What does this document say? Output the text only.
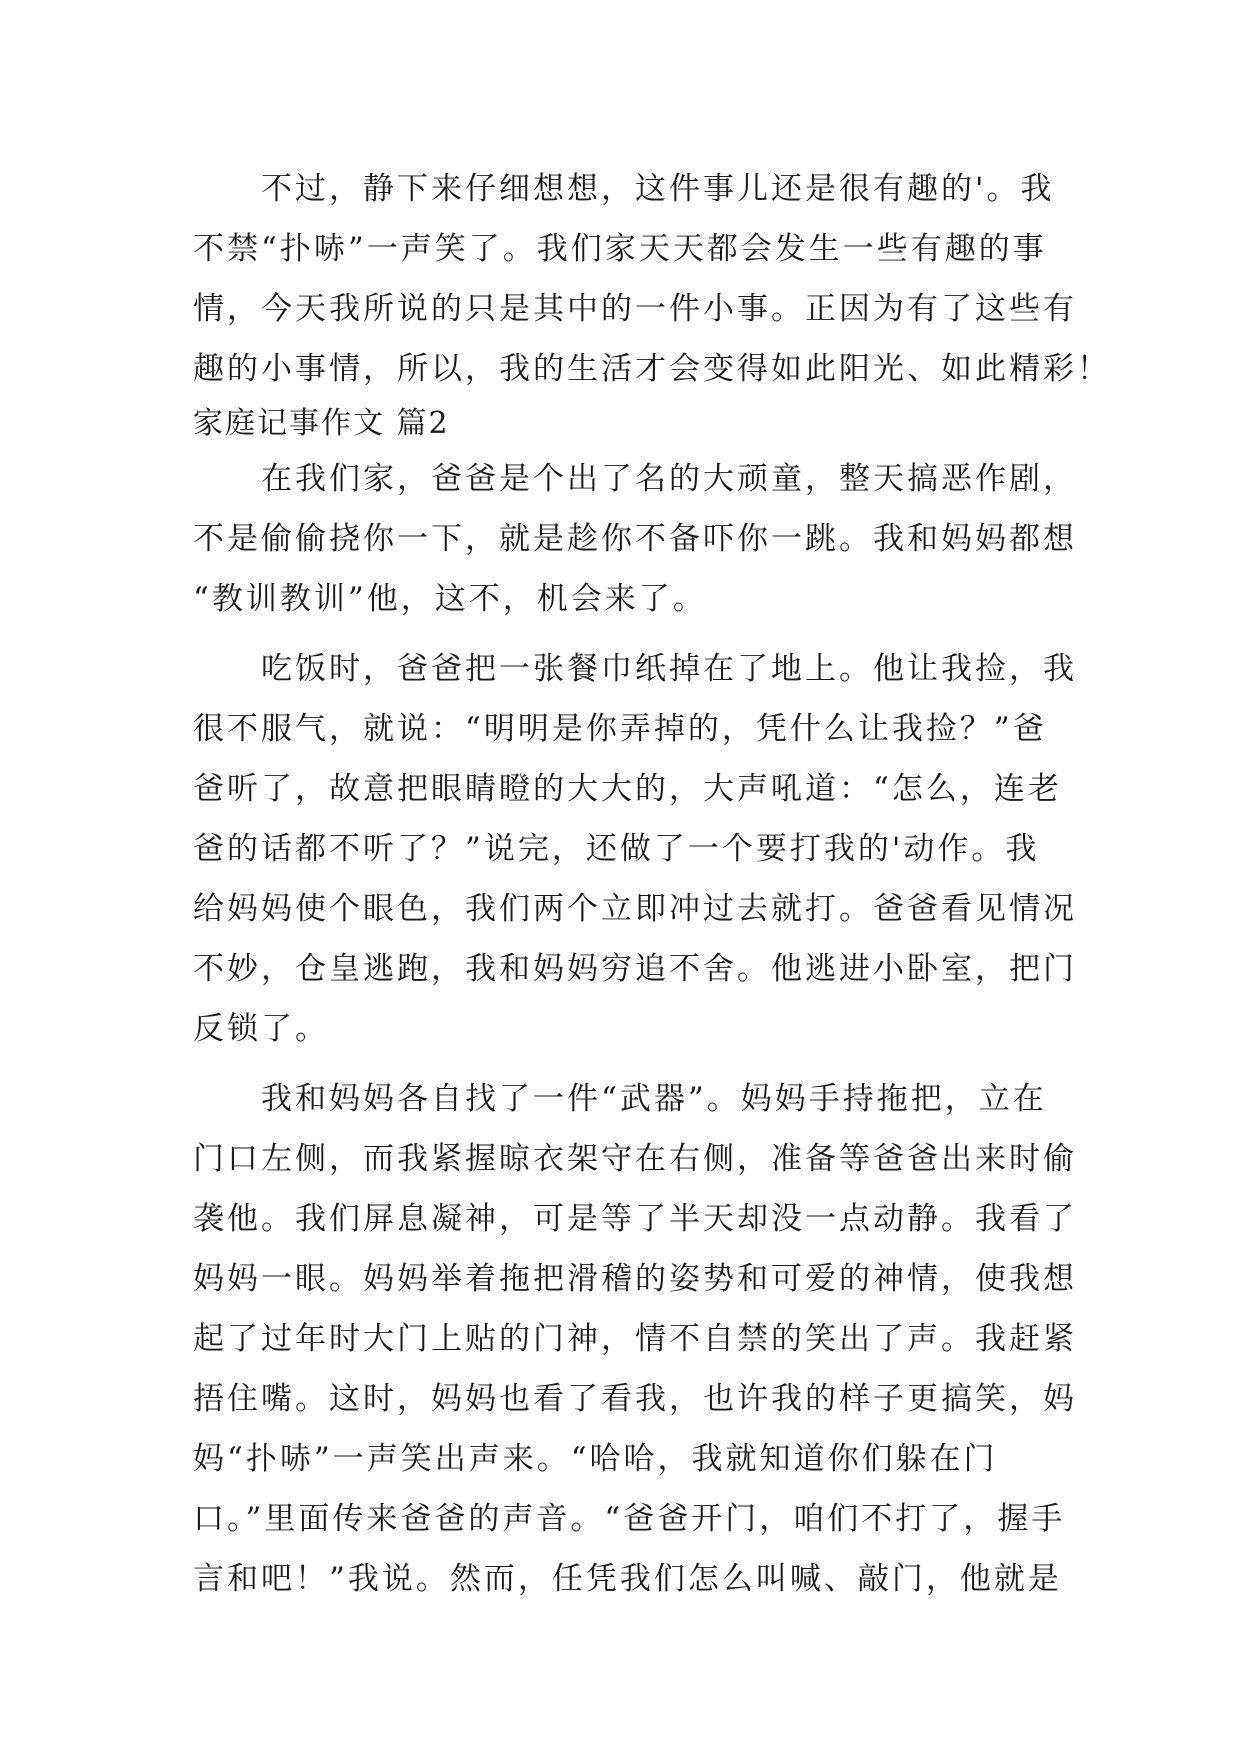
　　不过，静下来仔细想想，这件事儿还是很有趣的'。我
不禁“扑哧”一声笑了。我们家天天都会发生一些有趣的事
情，今天我所说的只是其中的一件小事。正因为有了这些有
趣的小事情，所以，我的生活才会变得如此阳光、如此精彩！
家庭记事作文 篇2
　　在我们家，爸爸是个出了名的大顽童，整天搞恶作剧，
不是偷偷挠你一下，就是趁你不备吓你一跳。我和妈妈都想
“教训教训”他，这不，机会来了。
　　吃饭时，爸爸把一张餐巾纸掉在了地上。他让我捡，我
很不服气，就说：“明明是你弄掉的，凭什么让我捡？”爸
爸听了，故意把眼睛瞪的大大的，大声吼道：“怎么，连老
爸的话都不听了？”说完，还做了一个要打我的'动作。我
给妈妈使个眼色，我们两个立即冲过去就打。爸爸看见情况
不妙，仓皇逃跑，我和妈妈穷追不舍。他逃进小卧室，把门
反锁了。
　　我和妈妈各自找了一件“武器”。妈妈手持拖把，立在
门口左侧，而我紧握晾衣架守在右侧，准备等爸爸出来时偷
袭他。我们屏息凝神，可是等了半天却没一点动静。我看了
妈妈一眼。妈妈举着拖把滑稽的姿势和可爱的神情，使我想
起了过年时大门上贴的门神，情不自禁的笑出了声。我赶紧
捂住嘴。这时，妈妈也看了看我，也许我的样子更搞笑，妈
妈“扑哧”一声笑出声来。“哈哈，我就知道你们躲在门
口。”里面传来爸爸的声音。“爸爸开门，咱们不打了，握手
言和吧！”我说。然而，任凭我们怎么叫喊、敲门，他就是
